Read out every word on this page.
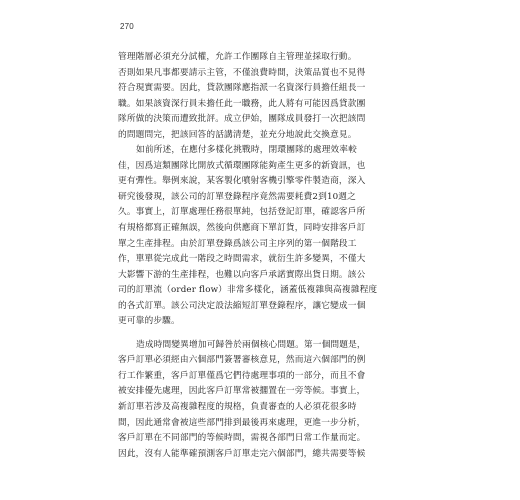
270
管理階層必須充分試權，允許工作團隊自主管理並採取行動。
否則如果凡事都要請示主管，不僅浪費時間，決策品質也不見得
符合現實需要。因此，貸款團隊應指派一名資深行員擔任組長一
職。如果該資深行員未擔任此一職務，此人將有可能因爲貸款團
隊所做的決策而遭致批評。成立伊始，團隊成員發打一次把該問
的問題問完，把該回答的話講清楚，並充分地說此交換意見。
如前所述，在應付多樣化挑戰時，閉環團隊的處理效率較
佳，因爲這類團隊比開放式循環團隊能夠產生更多的新資訊，也
更有彈性。舉例來說，某客製化噴射客機引擎零件製造商，深入
研究後發現，該公司的訂單登錄程序竟然需要耗費2到10週之
久。事實上，訂單處理任務很單純，包括登記訂單，確認客戶所
有規格都寫正確無誤，然後向供應商下單訂貨，同時安排客戶訂
單之生產排程。由於訂單登錄爲該公司主序列的第一個階段工
作，單單從完成此一階段之時間需求，就衍生許多變異，不僅大
大影響下游的生產排程，也難以向客戶承諾實際出貨日期。該公
司的訂單流（order flow）非常多樣化，涵蓋低複雜與高複雜程度
的各式訂單。該公司決定設法縮短訂單登錄程序，讓它變成一個
更可靠的步驟。
造成時間變異增加可歸咎於兩個核心問題。第一個問題是，
客戶訂單必須經由六個部門簽署審核意見，然而這六個部門的例
行工作繁重，客戶訂單僅爲它們待處理事項的一部分，而且不會
被安排優先處理，因此客戶訂單常被擱置在一旁等候。事實上，
新訂單若涉及高複雜程度的規格，負責審查的人必須花很多時
間，因此通常會被這些部門排到最後再來處理，更進一步分析，
客戶訂單在不同部門的等候時間，需視各部門日常工作量而定。
因此，沒有人能準確預測客戶訂單走完六個部門，總共需要等候
